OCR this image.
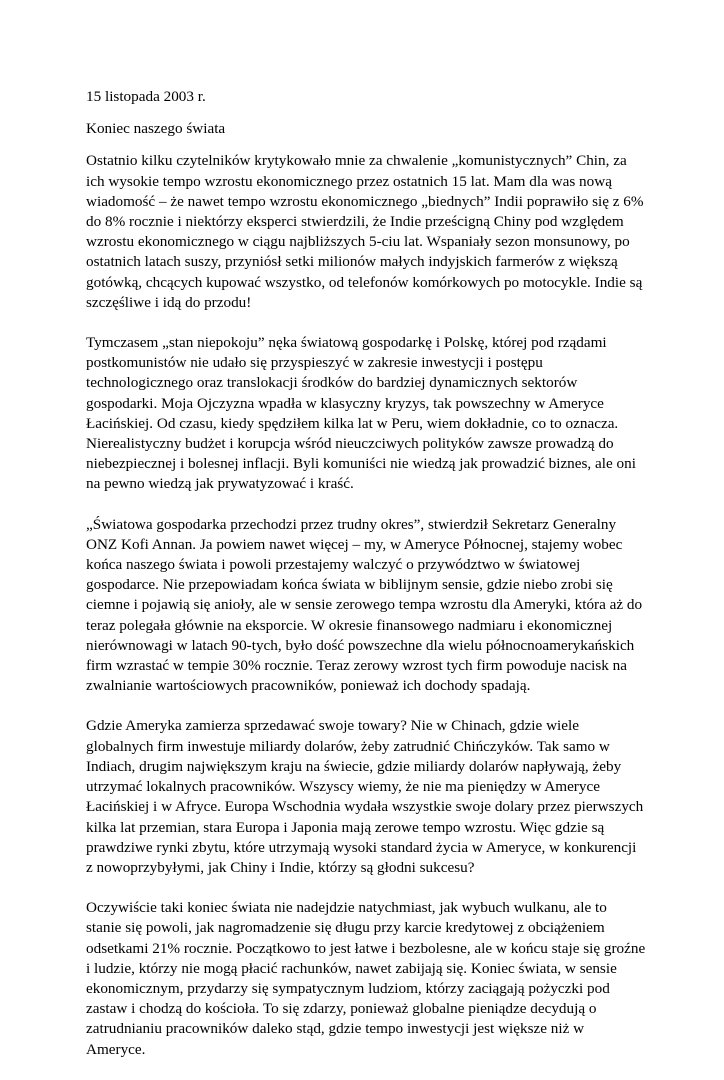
15 listopada 2003 r.
Koniec naszego świata

Ostatnio kilku czytelników krytykowało mnie za chwalenie „komunistycznych” Chin, za ich wysokie tempo wzrostu ekonomicznego przez ostatnich 15 lat. Mam dla was nową wiadomość – że nawet tempo wzrostu ekonomicznego „biednych” Indii poprawiło się z 6% do 8% rocznie i niektórzy eksperci stwierdzili, że Indie prześcigną Chiny pod względem wzrostu ekonomicznego w ciągu najbliższych 5-ciu lat. Wspaniały sezon monsunowy, po ostatnich latach suszy, przyniósł setki milionów małych indyjskich farmerów z większą gotówką, chcących kupować wszystko, od telefonów komórkowych po motocykle. Indie są szczęśliwe i idą do przodu!

Tymczasem „stan niepokoju” nęka światową gospodarkę i Polskę, której pod rządami postkomunistów nie udało się przyspieszyć w zakresie inwestycji i postępu technologicznego oraz translokacji środków do bardziej dynamicznych sektorów gospodarki. Moja Ojczyzna wpadła w klasyczny kryzys, tak powszechny w Ameryce Łacińskiej. Od czasu, kiedy spędziłem kilka lat w Peru, wiem dokładnie, co to oznacza. Nierealistyczny budżet i korupcja wśród nieuczciwych polityków zawsze prowadzą do niebezpiecznej i bolesnej inflacji. Byli komuniści nie wiedzą jak prowadzić biznes, ale oni na pewno wiedzą jak prywatyzować i kraść.

„Światowa gospodarka przechodzi przez trudny okres”, stwierdził Sekretarz Generalny ONZ Kofi Annan. Ja powiem nawet więcej – my, w Ameryce Północnej, stajemy wobec końca naszego świata i powoli przestajemy walczyć o przywództwo w światowej gospodarce. Nie przepowiadam końca świata w biblijnym sensie, gdzie niebo zrobi się ciemne i pojawią się anioły, ale w sensie zerowego tempa wzrostu dla Ameryki, która aż do teraz polegała głównie na eksporcie. W okresie finansowego nadmiaru i ekonomicznej nierównowagi w latach 90-tych, było dość powszechne dla wielu północnoamerykańskich firm wzrastać w tempie 30% rocznie. Teraz zerowy wzrost tych firm powoduje nacisk na zwalnianie wartościowych pracowników, ponieważ ich dochody spadają.

Gdzie Ameryka zamierza sprzedawać swoje towary? Nie w Chinach, gdzie wiele globalnych firm inwestuje miliardy dolarów, żeby zatrudnić Chińczyków. Tak samo w Indiach, drugim największym kraju na świecie, gdzie miliardy dolarów napływają, żeby utrzymać lokalnych pracowników. Wszyscy wiemy, że nie ma pieniędzy w Ameryce Łacińskiej i w Afryce. Europa Wschodnia wydała wszystkie swoje dolary przez pierwszych kilka lat przemian, stara Europa i Japonia mają zerowe tempo wzrostu. Więc gdzie są prawdziwe rynki zbytu, które utrzymają wysoki standard życia w Ameryce, w konkurencji z nowoprzybyłymi, jak Chiny i Indie, którzy są głodni sukcesu?

Oczywiście taki koniec świata nie nadejdzie natychmiast, jak wybuch wulkanu, ale to stanie się powoli, jak nagromadzenie się długu przy karcie kredytowej z obciążeniem odsetkami 21% rocznie. Początkowo to jest łatwe i bezbolesne, ale w końcu staje się groźne i ludzie, którzy nie mogą płacić rachunków, nawet zabijają się. Koniec świata, w sensie ekonomicznym, przydarzy się sympatycznym ludziom, którzy zaciągają pożyczki pod zastaw i chodzą do kościoła. To się zdarzy, ponieważ globalne pieniądze decydują o zatrudnianiu pracowników daleko stąd, gdzie tempo inwestycji jest większe niż w Ameryce.
